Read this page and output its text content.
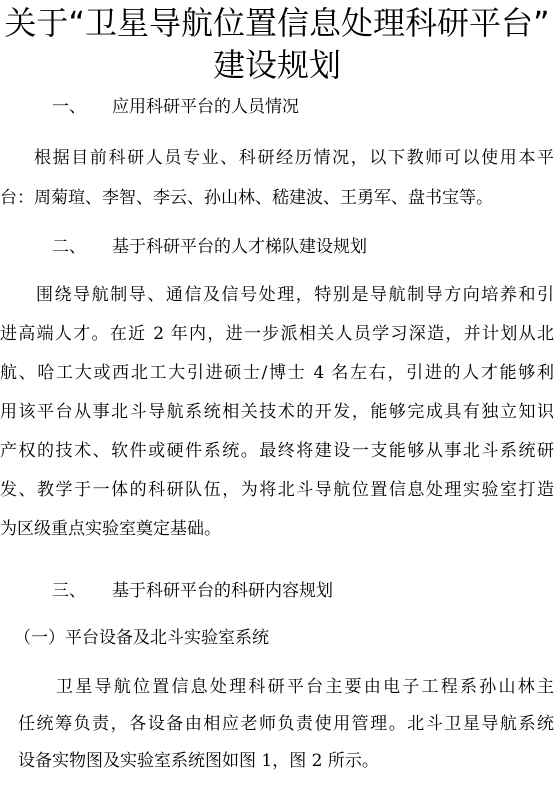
关于“卫星导航位置信息处理科研平台”
建设规划
一、 应用科研平台的人员情况
根据目前科研人员专业、科研经历情况，以下教师可以使用本平
台：周菊瑄、李智、李云、孙山林、嵇建波、王勇军、盘书宝等。
二、 基于科研平台的人才梯队建设规划
围绕导航制导、通信及信号处理，特别是导航制导方向培养和引
进高端人才。在近 2 年内，进一步派相关人员学习深造，并计划从北
航、哈工大或西北工大引进硕士/博士 4 名左右，引进的人才能够利
用该平台从事北斗导航系统相关技术的开发，能够完成具有独立知识
产权的技术、软件或硬件系统。最终将建设一支能够从事北斗系统研
发、教学于一体的科研队伍，为将北斗导航位置信息处理实验室打造
为区级重点实验室奠定基础。
三、 基于科研平台的科研内容规划
（一）平台设备及北斗实验室系统
卫星导航位置信息处理科研平台主要由电子工程系孙山林主
任统筹负责，各设备由相应老师负责使用管理。北斗卫星导航系统
设备实物图及实验室系统图如图 1，图 2 所示。
